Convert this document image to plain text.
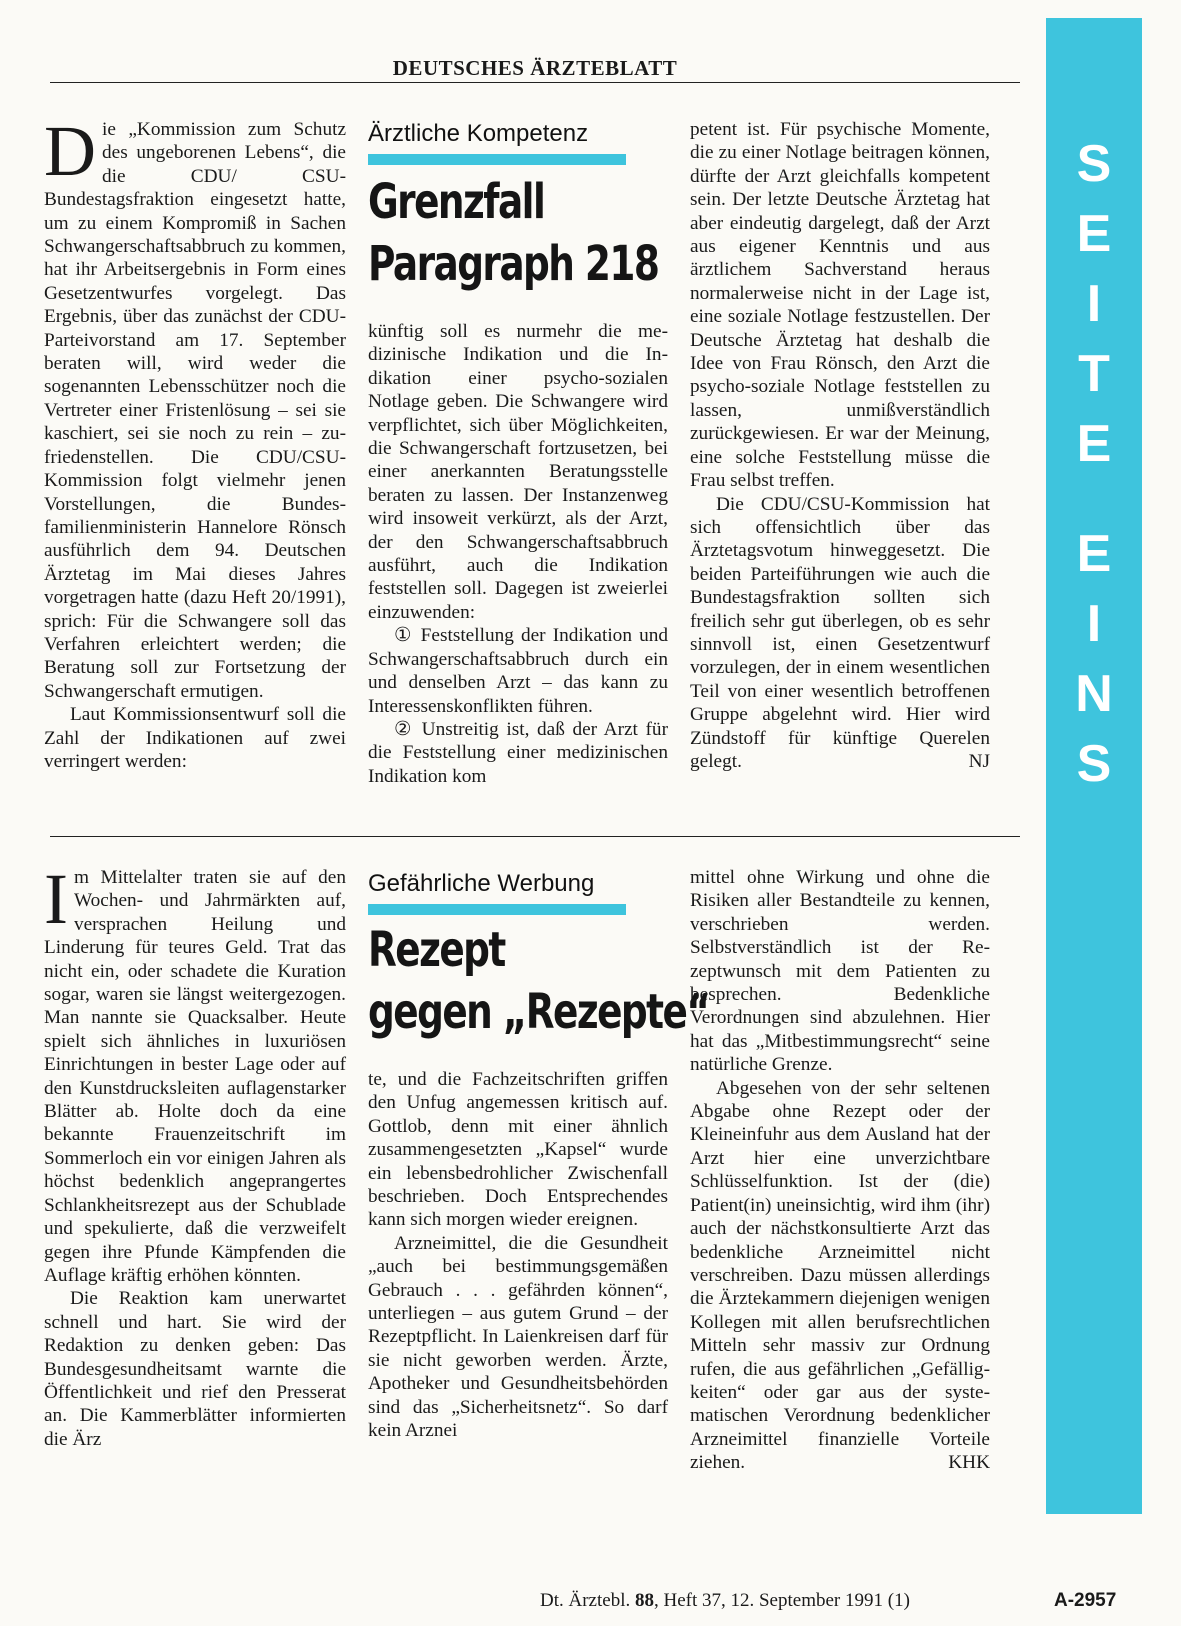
DEUTSCHES ÄRZTEBLATT
S
E
I
T
E
E
I
N
S
D ie „Kommission zum Schutz des ungeborenen Lebens“, die die CDU/ CSU-Bundestagsfraktion eingesetzt hatte, um zu einem Kompromiß in Sachen Schwangerschaftsabbruch zu kommen, hat ihr Arbeitsergebnis in Form eines Gesetzentwurfes vorgelegt. Das Ergebnis, über das zunächst der CDU-Parteivorstand am 17. September beraten will, wird weder die sogenannten Lebensschützer noch die Vertreter einer Fristenlösung – sei sie kaschiert, sei sie noch zu rein – zufriedenstellen. Die CDU/CSU-Kommission folgt vielmehr jenen Vorstellungen, die Bundesfamilienministerin Hannelore Rönsch ausführlich dem 94. Deutschen Ärztetag im Mai dieses Jahres vorgetragen hatte (dazu Heft 20/1991), sprich: Für die Schwangere soll das Verfahren erleichtert werden; die Beratung soll zur Fortsetzung der Schwangerschaft ermutigen.

Laut Kommissionsentwurf soll die Zahl der Indikationen auf zwei verringert werden:

Ärztliche Kompetenz
Grenzfall
Paragraph 218

künftig soll es nurmehr die medizinische Indikation und die Indikation einer psycho-sozialen Notlage geben. Die Schwangere wird verpflichtet, sich über Möglichkeiten, die Schwangerschaft fortzusetzen, bei einer anerkannten Beratungsstelle beraten zu lassen. Der Instanzenweg wird insoweit verkürzt, als der Arzt, der den Schwangerschaftsabbruch ausführt, auch die Indikation feststellen soll. Dagegen ist zweierlei einzuwenden:

① Feststellung der Indikation und Schwangerschaftsabbruch durch ein und denselben Arzt – das kann zu Interessenskonflikten führen.

② Unstreitig ist, daß der Arzt für die Feststellung einer medizinischen Indikation kom

petent ist. Für psychische Momente, die zu einer Notlage beitragen können, dürfte der Arzt gleichfalls kompetent sein. Der letzte Deutsche Ärztetag hat aber eindeutig dargelegt, daß der Arzt aus eigener Kenntnis und aus ärztlichem Sachverstand heraus normalerweise nicht in der Lage ist, eine soziale Notlage festzustellen. Der Deutsche Ärztetag hat deshalb die Idee von Frau Rönsch, den Arzt die psycho-soziale Notlage feststellen zu lassen, unmißverständlich zurückgewiesen. Er war der Meinung, eine solche Feststellung müsse die Frau selbst treffen.

Die CDU/CSU-Kommission hat sich offensichtlich über das Ärztetagsvotum hinweggesetzt. Die beiden Parteiführungen wie auch die Bundestagsfraktion sollten sich freilich sehr gut überlegen, ob es sehr sinnvoll ist, einen Gesetzentwurf vorzulegen, der in einem wesentlichen Teil von einer wesentlich betroffenen Gruppe abgelehnt wird. Hier wird Zündstoff für künftige Querelen gelegt.	NJ

I m Mittelalter traten sie auf den Wochen- und Jahrmärkten auf, versprachen Heilung und Linderung für teures Geld. Trat das nicht ein, oder schadete die Kuration sogar, waren sie längst weitergezogen. Man nannte sie Quacksalber. Heute spielt sich ähnliches in luxuriösen Einrichtungen in bester Lage oder auf den Kunstdrucksleiten auflagenstarker Blätter ab. Holte doch da eine bekannte Frauenzeitschrift im Sommerloch ein vor einigen Jahren als höchst bedenklich angeprangertes Schlankheitsrezept aus der Schublade und spekulierte, daß die verzweifelt gegen ihre Pfunde Kämpfenden die Auflage kräftig erhöhen könnten.

Die Reaktion kam unerwartet schnell und hart. Sie wird der Redaktion zu denken geben: Das Bundesgesundheitsamt warnte die Öffentlichkeit und rief den Presserat an. Die Kammerblätter informierten die Ärz

Gefährliche Werbung
Rezept
gegen „Rezepte“

te, und die Fachzeitschriften griffen den Unfug angemessen kritisch auf. Gottlob, denn mit einer ähnlich zusammengesetzten „Kapsel“ wurde ein lebensbedrohlicher Zwischenfall beschrieben. Doch Entsprechendes kann sich morgen wieder ereignen.

Arzneimittel, die die Gesundheit „auch bei bestimmungsgemäßen Gebrauch . . . gefährden können“, unterliegen – aus gutem Grund – der Rezeptpflicht. In Laienkreisen darf für sie nicht geworben werden. Ärzte, Apotheker und Gesundheitsbehörden sind das „Sicherheitsnetz“. So darf kein Arznei

mittel ohne Wirkung und ohne die Risiken aller Bestandteile zu kennen, verschrieben werden. Selbstverständlich ist der Rezeptwunsch mit dem Patienten zu besprechen. Bedenkliche Verordnungen sind abzulehnen. Hier hat das „Mitbestimmungsrecht“ seine natürliche Grenze.

Abgesehen von der sehr seltenen Abgabe ohne Rezept oder der Kleineinfuhr aus dem Ausland hat der Arzt hier eine unverzichtbare Schlüsselfunktion. Ist der (die) Patient(in) uneinsichtig, wird ihm (ihr) auch der nächstkonsultierte Arzt das bedenkliche Arzneimittel nicht verschreiben. Dazu müssen allerdings die Ärztekammern diejenigen wenigen Kollegen mit allen berufsrechtlichen Mitteln sehr massiv zur Ordnung rufen, die aus gefährlichen „Gefälligkeiten“ oder gar aus der systematischen Verordnung bedenklicher Arzneimittel finanzielle Vorteile ziehen.	KHK

Dt. Ärztebl. 88, Heft 37, 12. September 1991 (1)	A-2957
